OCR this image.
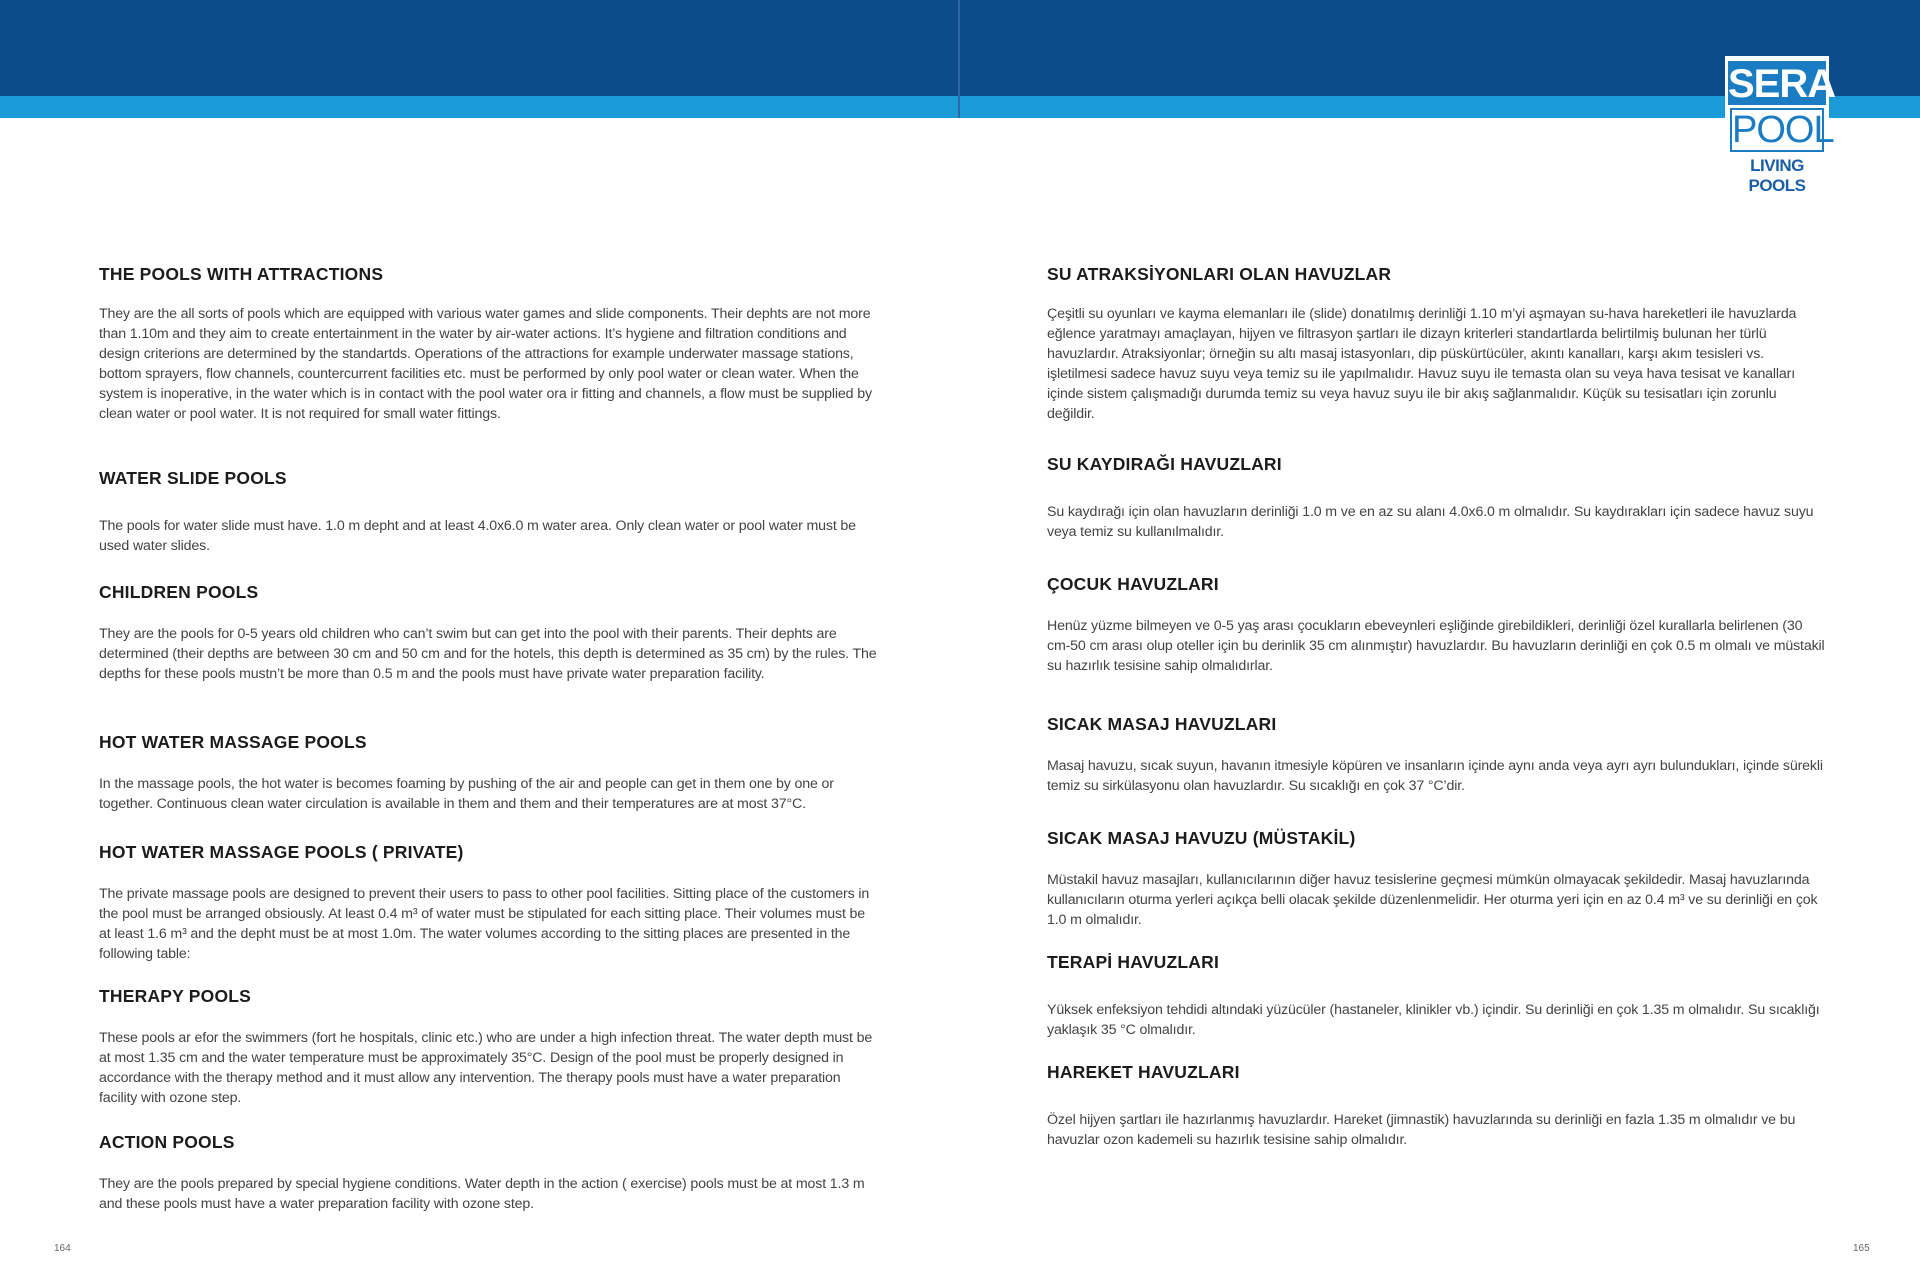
SERA
POOL
LIVING POOLS
THE POOLS WITH ATTRACTIONS

They are the all sorts of pools which are equipped with various water games and slide components. Their dephts are not more than 1.10m and they aim to create entertainment in the water by air-water actions. It’s hygiene and filtration conditions and design criterions are determined by the standartds. Operations of the attractions for example underwater massage stations, bottom sprayers, flow channels, countercurrent facilities etc. must be performed by only pool water or clean water. When the system is inoperative, in the water which is in contact with the pool water ora ir fitting and channels, a flow must be supplied by clean water or pool water. It is not required for small water fittings.

WATER SLIDE POOLS

The pools for water slide must have. 1.0 m depht and at least 4.0x6.0 m water area. Only clean water or pool water must be used water slides.

CHILDREN POOLS

They are the pools for 0-5 years old children who can’t swim but can get into the pool with their parents. Their dephts are determined (their depths are between 30 cm and 50 cm and for the hotels, this depth is determined as 35 cm) by the rules. The depths for these pools mustn’t be more than 0.5 m and the pools must have private water preparation facility.

HOT WATER MASSAGE POOLS

In the massage pools, the hot water is becomes foaming by pushing of the air and people can get in them one by one or together. Continuous clean water circulation is available in them and them and their temperatures are at most 37°C.

HOT WATER MASSAGE POOLS ( PRIVATE)

The private massage pools are designed to prevent their users to pass to other pool facilities. Sitting place of the customers in the pool must be arranged obsiously. At least 0.4 m³ of water must be stipulated for each sitting place. Their volumes must be at least 1.6 m³ and the depht must be at most 1.0m. The water volumes according to the sitting places are presented in the following table:

THERAPY POOLS

These pools ar efor the swimmers (fort he hospitals, clinic etc.) who are under a high infection threat. The water depth must be at most 1.35 cm and the water temperature must be approximately 35°C. Design of the pool must be properly designed in accordance with the therapy method and it must allow any intervention. The therapy pools must have a water preparation facility with ozone step.

ACTION POOLS

They are the pools prepared by special hygiene conditions. Water depth in the action ( exercise) pools must be at most 1.3 m and these pools must have a water preparation facility with ozone step.

SU ATRAKSİYONLARI OLAN HAVUZLAR

Çeşitli su oyunları ve kayma elemanları ile (slide) donatılmış derinliği 1.10 m’yi aşmayan su-hava hareketleri ile havuzlarda eğlence yaratmayı amaçlayan, hijyen ve filtrasyon şartları ile dizayn kriterleri standartlarda belirtilmiş bulunan her türlü havuzlardır. Atraksiyonlar; örneğin su altı masaj istasyonları, dip püskürtücüler, akıntı kanalları, karşı akım tesisleri vs. işletilmesi sadece havuz suyu veya temiz su ile yapılmalıdır. Havuz suyu ile temasta olan su veya hava tesisat ve kanalları içinde sistem çalışmadığı durumda temiz su veya havuz suyu ile bir akış sağlanmalıdır. Küçük su tesisatları için zorunlu değildir.

SU KAYDIRAĞI HAVUZLARI

Su kaydırağı için olan havuzların derinliği 1.0 m ve en az su alanı 4.0x6.0 m olmalıdır. Su kaydırakları için sadece havuz suyu veya temiz su kullanılmalıdır.

ÇOCUK HAVUZLARI

Henüz yüzme bilmeyen ve 0-5 yaş arası çocukların ebeveynleri eşliğinde girebildikleri, derinliği özel kurallarla belirlenen (30 cm-50 cm arası olup oteller için bu derinlik 35 cm alınmıştır) havuzlardır. Bu havuzların derinliği en çok 0.5 m olmalı ve müstakil su hazırlık tesisine sahip olmalıdırlar.

SICAK MASAJ HAVUZLARI

Masaj havuzu, sıcak suyun, havanın itmesiyle köpüren ve insanların içinde aynı anda veya ayrı ayrı bulundukları, içinde sürekli temiz su sirkülasyonu olan havuzlardır. Su sıcaklığı en çok 37 °C’dir.

SICAK MASAJ HAVUZU (MÜSTAKİL)

Müstakil havuz masajları, kullanıcılarının diğer havuz tesislerine geçmesi mümkün olmayacak şekildedir. Masaj havuzlarında kullanıcıların oturma yerleri açıkça belli olacak şekilde düzenlenmelidir. Her oturma yeri için en az 0.4 m³ ve su derinliği en çok 1.0 m olmalıdır.

TERAPİ HAVUZLARI

Yüksek enfeksiyon tehdidi altındaki yüzücüler (hastaneler, klinikler vb.) içindir. Su derinliği en çok 1.35 m olmalıdır. Su sıcaklığı yaklaşık 35 °C olmalıdır.

HAREKET HAVUZLARI

Özel hijyen şartları ile hazırlanmış havuzlardır. Hareket (jimnastik) havuzlarında su derinliği en fazla 1.35 m olmalıdır ve bu havuzlar ozon kademeli su hazırlık tesisine sahip olmalıdır.

164	165
